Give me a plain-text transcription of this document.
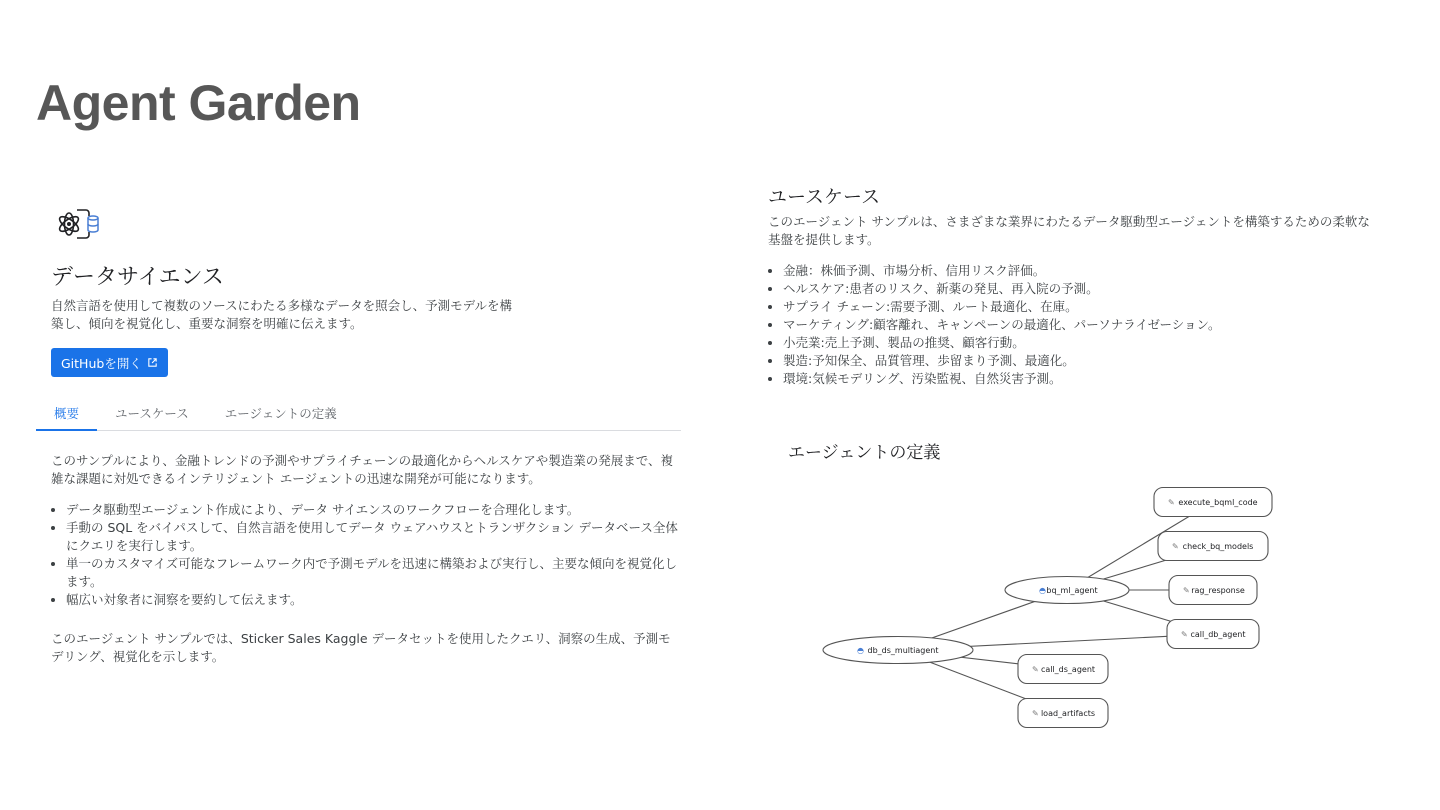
Agent Garden
データサイエンス
自然言語を使用して複数のソースにわたる多様なデータを照会し、予測モデルを構築し、傾向を視覚化し、重要な洞察を明確に伝えます。
GitHubを開く
概要	ユースケース	エージェントの定義
このサンプルにより、金融トレンドの予測やサプライチェーンの最適化からヘルスケアや製造業の発展まで、複雑な課題に対処できるインテリジェント エージェントの迅速な開発が可能になります。
• データ駆動型エージェント作成により、データ サイエンスのワークフローを合理化します。
• 手動の SQL をバイパスして、自然言語を使用してデータ ウェアハウスとトランザクション データベース全体にクエリを実行します。
• 単一のカスタマイズ可能なフレームワーク内で予測モデルを迅速に構築および実行し、主要な傾向を視覚化します。
• 幅広い対象者に洞察を要約して伝えます。
このエージェント サンプルでは、Sticker Sales Kaggle データセットを使用したクエリ、洞察の生成、予測モデリング、視覚化を示します。
ユースケース
このエージェント サンプルは、さまざまな業界にわたるデータ駆動型エージェントを構築するための柔軟な基盤を提供します。
• 金融：株価予測、市場分析、信用リスク評価。
• ヘルスケア:患者のリスク、新薬の発見、再入院の予測。
• サプライ チェーン:需要予測、ルート最適化、在庫。
• マーケティング:顧客離れ、キャンペーンの最適化、パーソナライゼーション。
• 小売業:売上予測、製品の推奨、顧客行動。
• 製造:予知保全、品質管理、歩留まり予測、最適化。
• 環境:気候モデリング、汚染監視、自然災害予測。
エージェントの定義
◓ db_ds_multiagent
◓ bq_ml_agent
✎ execute_bqml_code
✎ check_bq_models
✎ rag_response
✎ call_db_agent
✎ call_ds_agent
✎ load_artifacts
